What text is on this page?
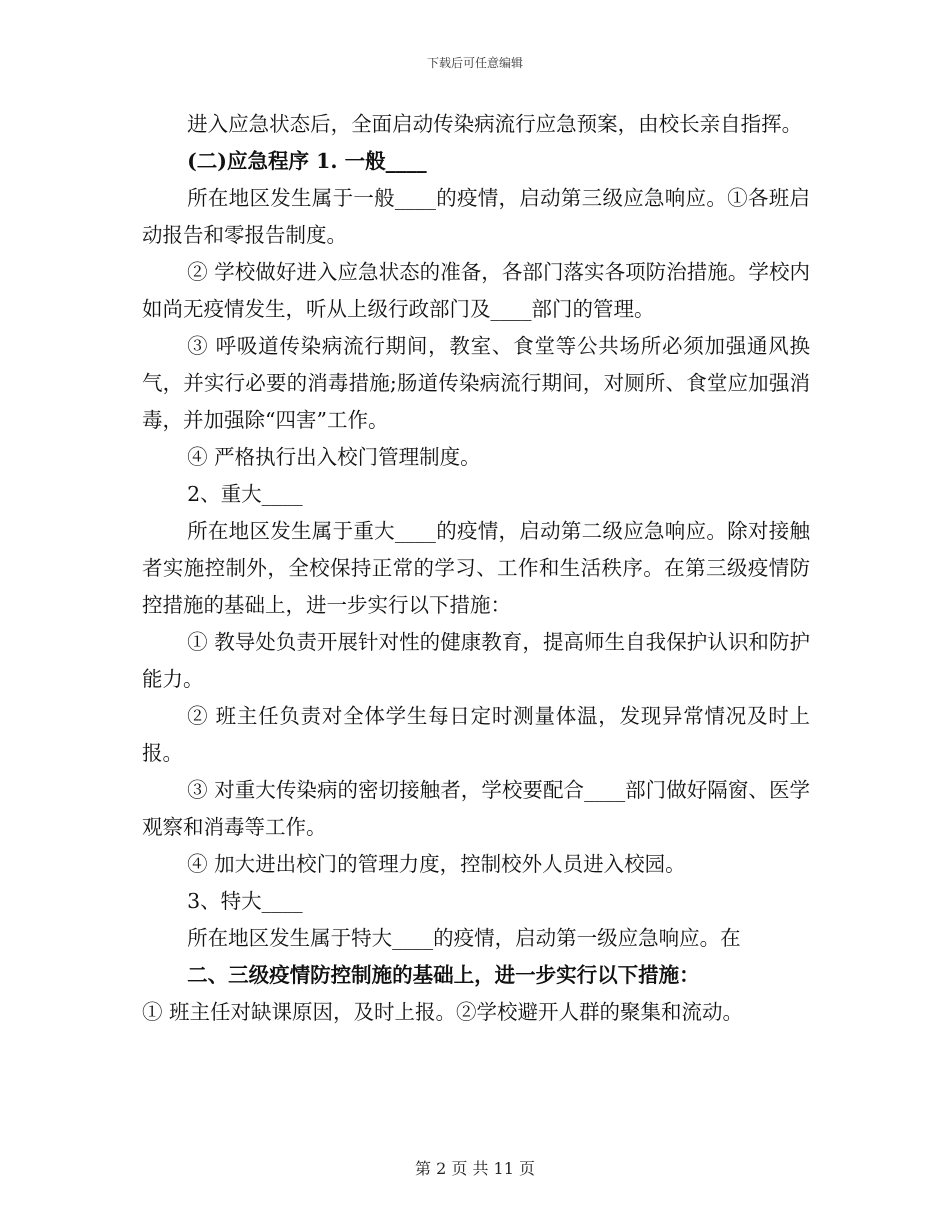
下载后可任意编辑

进入应急状态后，全面启动传染病流行应急预案，由校长亲自指挥。

(二)应急程序 1. 一般____

所在地区发生属于一般____的疫情，启动第三级应急响应。①各班启动报告和零报告制度。

② 学校做好进入应急状态的准备，各部门落实各项防治措施。学校内如尚无疫情发生，听从上级行政部门及____部门的管理。

③ 呼吸道传染病流行期间，教室、食堂等公共场所必须加强通风换气，并实行必要的消毒措施;肠道传染病流行期间，对厕所、食堂应加强消毒，并加强除“四害”工作。

④ 严格执行出入校门管理制度。

2、重大____

所在地区发生属于重大____的疫情，启动第二级应急响应。除对接触者实施控制外，全校保持正常的学习、工作和生活秩序。在第三级疫情防控措施的基础上，进一步实行以下措施：

① 教导处负责开展针对性的健康教育，提高师生自我保护认识和防护能力。

② 班主任负责对全体学生每日定时测量体温，发现异常情况及时上报。

③ 对重大传染病的密切接触者，学校要配合____部门做好隔窗、医学观察和消毒等工作。

④ 加大进出校门的管理力度，控制校外人员进入校园。

3、特大____

所在地区发生属于特大____的疫情，启动第一级应急响应。在

二、三级疫情防控制施的基础上，进一步实行以下措施：

① 班主任对缺课原因，及时上报。②学校避开人群的聚集和流动。

第 2 页 共 11 页
